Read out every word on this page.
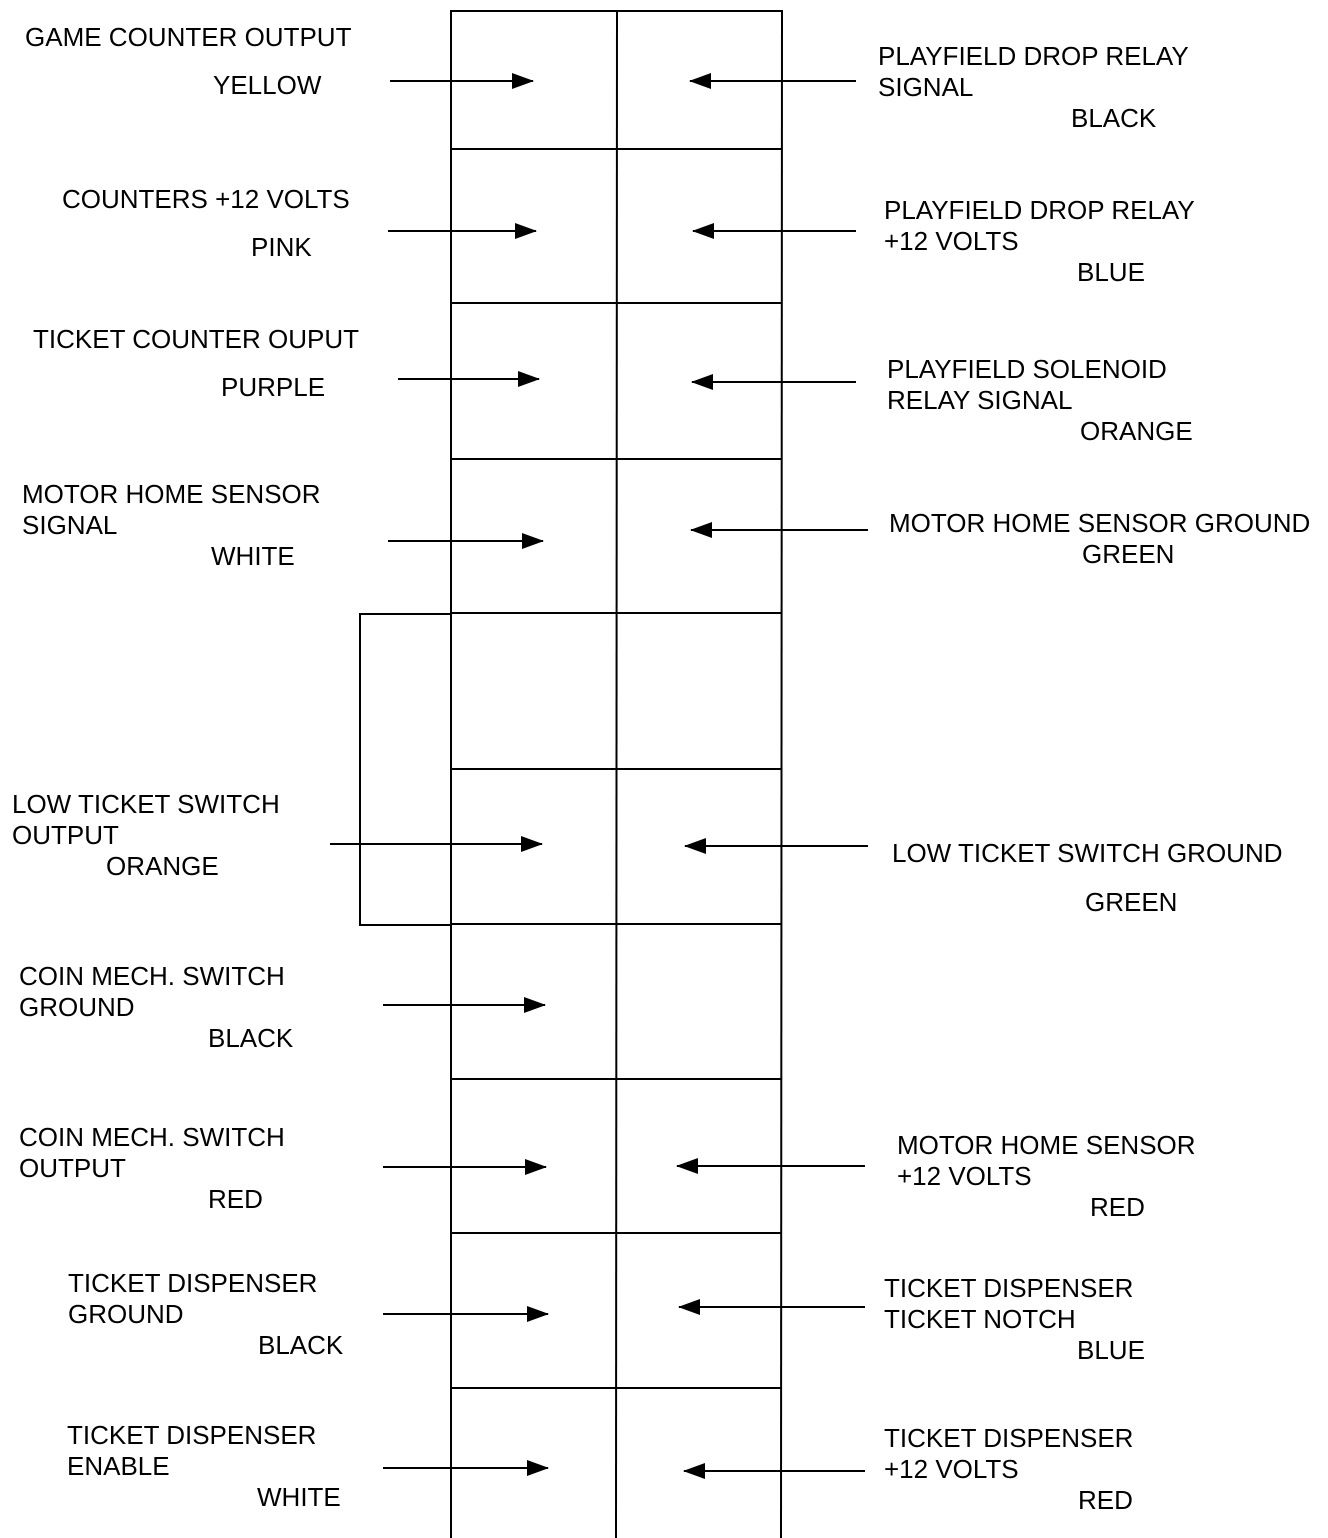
GAME COUNTER OUTPUT
YELLOW
COUNTERS +12 VOLTS
PINK
TICKET COUNTER OUPUT
PURPLE
MOTOR HOME SENSOR
SIGNAL
WHITE
LOW TICKET SWITCH
OUTPUT
ORANGE
COIN MECH. SWITCH
GROUND
BLACK
COIN MECH. SWITCH
OUTPUT
RED
TICKET DISPENSER
GROUND
BLACK
TICKET DISPENSER
ENABLE
WHITE
PLAYFIELD DROP RELAY
SIGNAL
BLACK
PLAYFIELD DROP RELAY
+12 VOLTS
BLUE
PLAYFIELD SOLENOID
RELAY SIGNAL
ORANGE
MOTOR HOME SENSOR GROUND
GREEN
LOW TICKET SWITCH GROUND
GREEN
MOTOR HOME SENSOR
+12 VOLTS
RED
TICKET DISPENSER
TICKET NOTCH
BLUE
TICKET DISPENSER
+12 VOLTS
RED
